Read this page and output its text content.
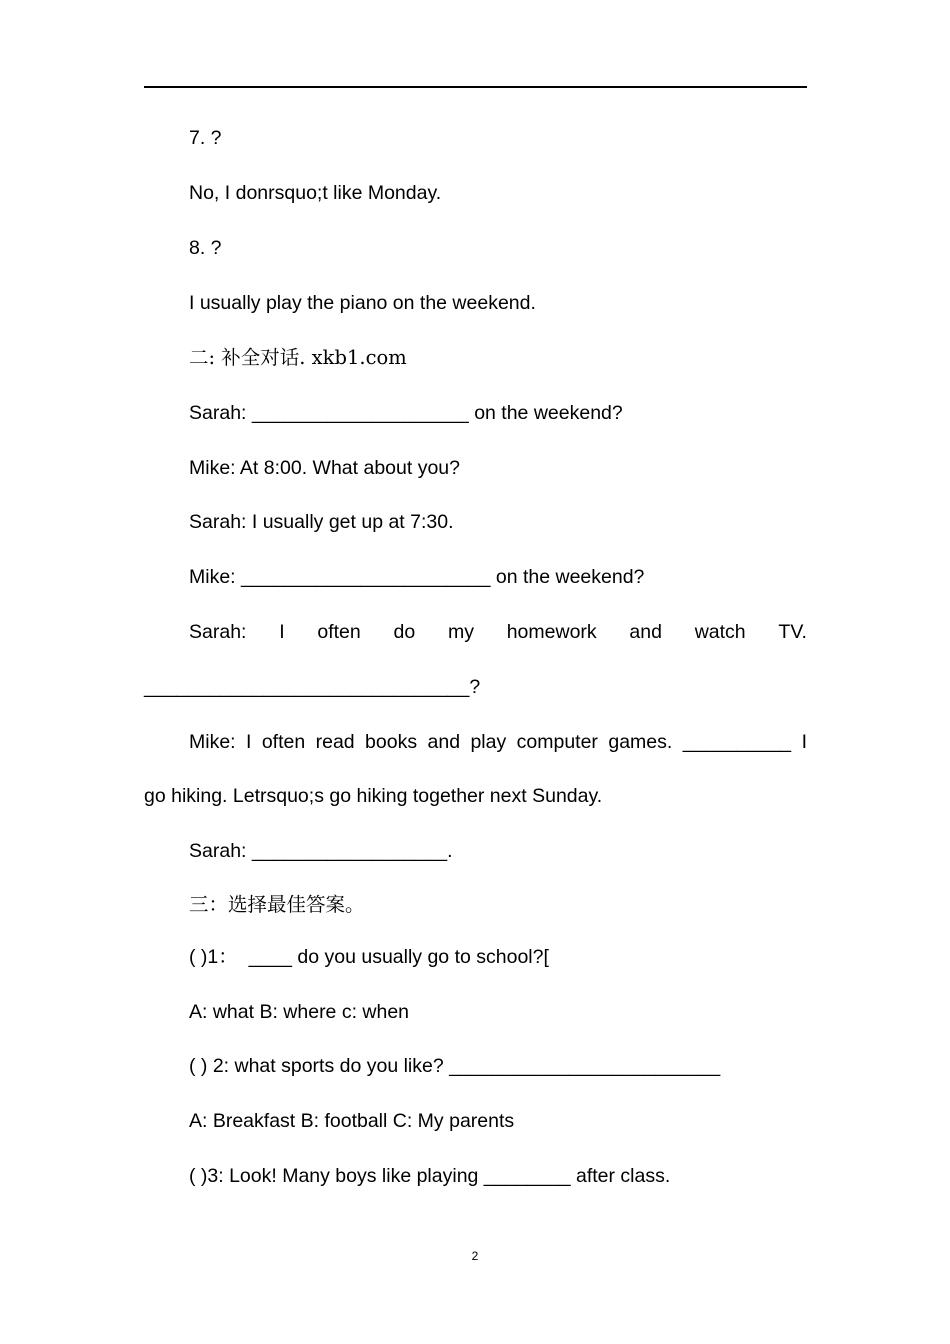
7. ?
No, I donrsquo;t like Monday.
8. ?
I usually play the piano on the weekend.
二: 补全对话. xkb1.com
Sarah: ____________________ on the weekend?
Mike: At 8:00. What about you?
Sarah: I usually get up at 7:30.
Mike: _______________________ on the weekend?
Sarah: I often do my homework and watch TV.
______________________________?
Mike: I often read books and play computer games. __________ I
go hiking. Letrsquo;s go hiking together next Sunday.
Sarah: __________________.
三：选择最佳答案。
( )1：  ____ do you usually go to school?[
A: what B: where c: when
( ) 2: what sports do you like? _________________________
A: Breakfast B: football C: My parents
( )3: Look! Many boys like playing ________ after class.
2
